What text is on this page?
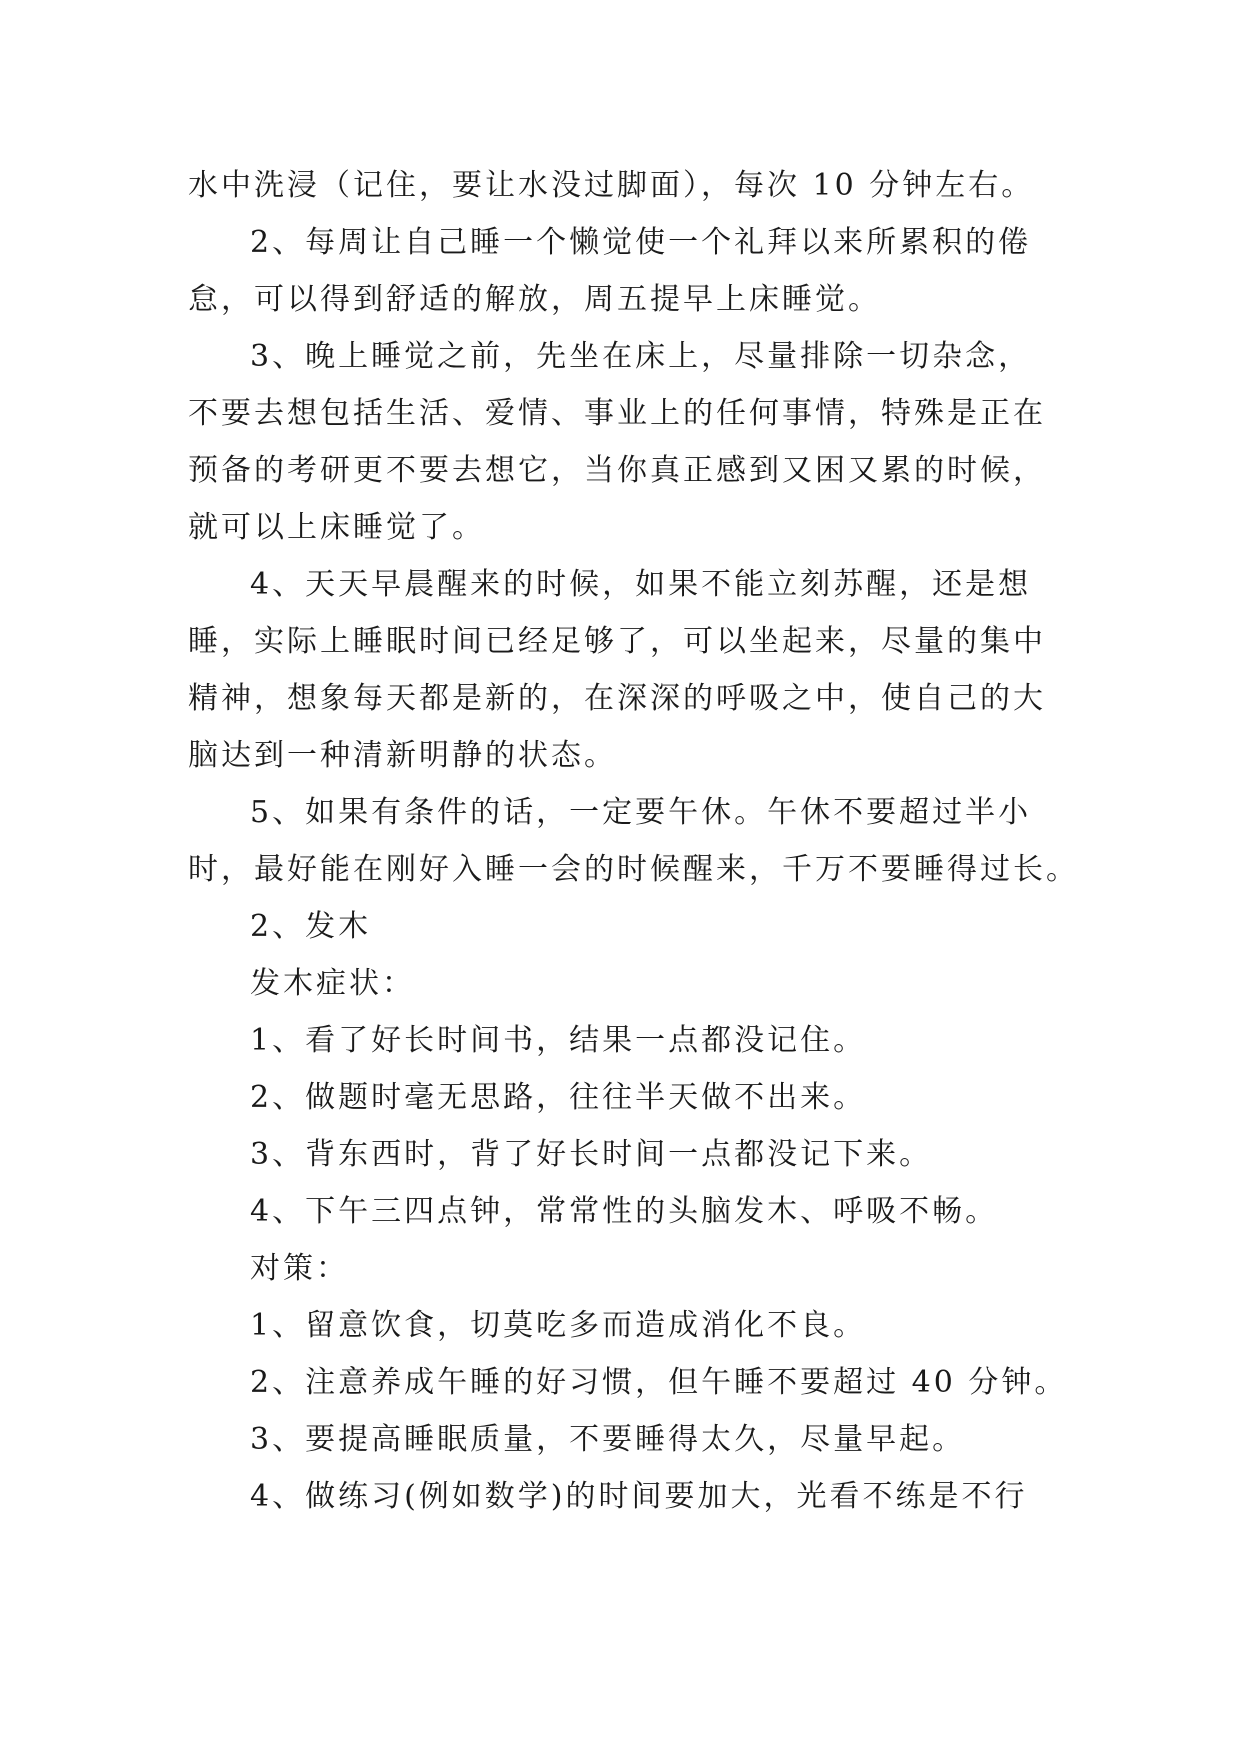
水中洗浸（记住，要让水没过脚面），每次 10 分钟左右。
2、每周让自己睡一个懒觉使一个礼拜以来所累积的倦
怠，可以得到舒适的解放，周五提早上床睡觉。
3、晚上睡觉之前，先坐在床上，尽量排除一切杂念，
不要去想包括生活、爱情、事业上的任何事情，特殊是正在
预备的考研更不要去想它，当你真正感到又困又累的时候，
就可以上床睡觉了。
4、天天早晨醒来的时候，如果不能立刻苏醒，还是想
睡，实际上睡眠时间已经足够了，可以坐起来，尽量的集中
精神，想象每天都是新的，在深深的呼吸之中，使自己的大
脑达到一种清新明静的状态。
5、如果有条件的话，一定要午休。午休不要超过半小
时，最好能在刚好入睡一会的时候醒来，千万不要睡得过长。
2、发木
发木症状：
1、看了好长时间书，结果一点都没记住。
2、做题时毫无思路，往往半天做不出来。
3、背东西时，背了好长时间一点都没记下来。
4、下午三四点钟，常常性的头脑发木、呼吸不畅。
对策：
1、留意饮食，切莫吃多而造成消化不良。
2、注意养成午睡的好习惯，但午睡不要超过 40 分钟。
3、要提高睡眠质量，不要睡得太久，尽量早起。
4、做练习(例如数学)的时间要加大，光看不练是不行
